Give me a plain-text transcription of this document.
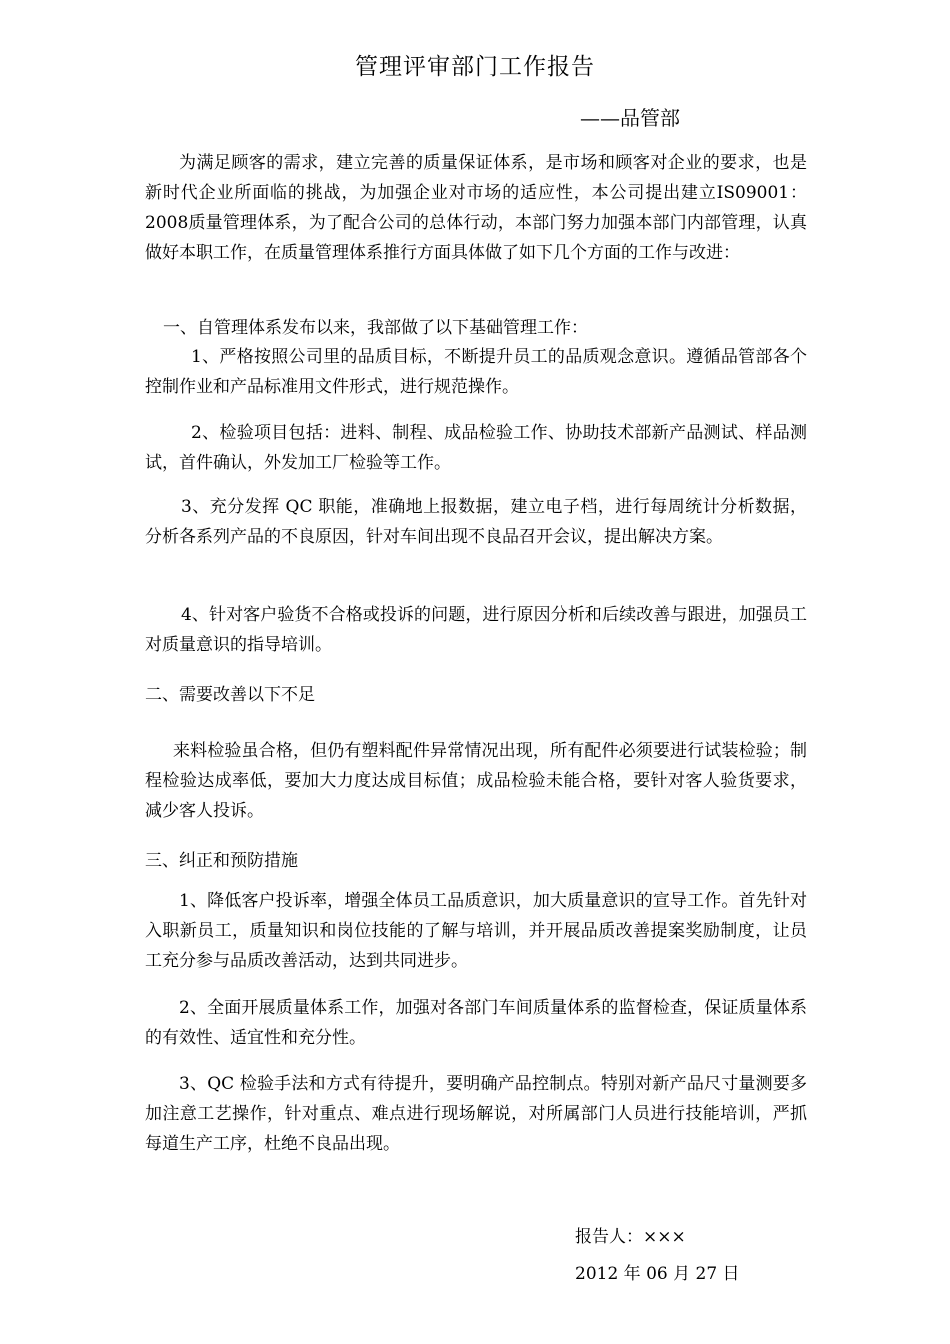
管理评审部门工作报告
——品管部
为满足顾客的需求，建立完善的质量保证体系，是市场和顾客对企业的要求，也是新时代企业所面临的挑战，为加强企业对市场的适应性，本公司提出建立IS09001：2008质量管理体系，为了配合公司的总体行动，本部门努力加强本部门内部管理，认真做好本职工作，在质量管理体系推行方面具体做了如下几个方面的工作与改进：
一、自管理体系发布以来，我部做了以下基础管理工作：
1、严格按照公司里的品质目标，不断提升员工的品质观念意识。遵循品管部各个控制作业和产品标准用文件形式，进行规范操作。
2、检验项目包括：进料、制程、成品检验工作、协助技术部新产品测试、样品测试，首件确认，外发加工厂检验等工作。
3、充分发挥 QC 职能，准确地上报数据，建立电子档，进行每周统计分析数据，分析各系列产品的不良原因，针对车间出现不良品召开会议，提出解决方案。
4、针对客户验货不合格或投诉的问题，进行原因分析和后续改善与跟进，加强员工对质量意识的指导培训。
二、需要改善以下不足
来料检验虽合格，但仍有塑料配件异常情况出现，所有配件必须要进行试装检验；制程检验达成率低，要加大力度达成目标值；成品检验未能合格，要针对客人验货要求，减少客人投诉。
三、纠正和预防措施
1、降低客户投诉率，增强全体员工品质意识，加大质量意识的宣导工作。首先针对入职新员工，质量知识和岗位技能的了解与培训，并开展品质改善提案奖励制度，让员工充分参与品质改善活动，达到共同进步。
2、全面开展质量体系工作，加强对各部门车间质量体系的监督检查，保证质量体系的有效性、适宜性和充分性。
3、QC 检验手法和方式有待提升，要明确产品控制点。特别对新产品尺寸量测要多加注意工艺操作，针对重点、难点进行现场解说，对所属部门人员进行技能培训，严抓每道生产工序，杜绝不良品出现。
报告人：×××
2012 年 06 月 27 日
